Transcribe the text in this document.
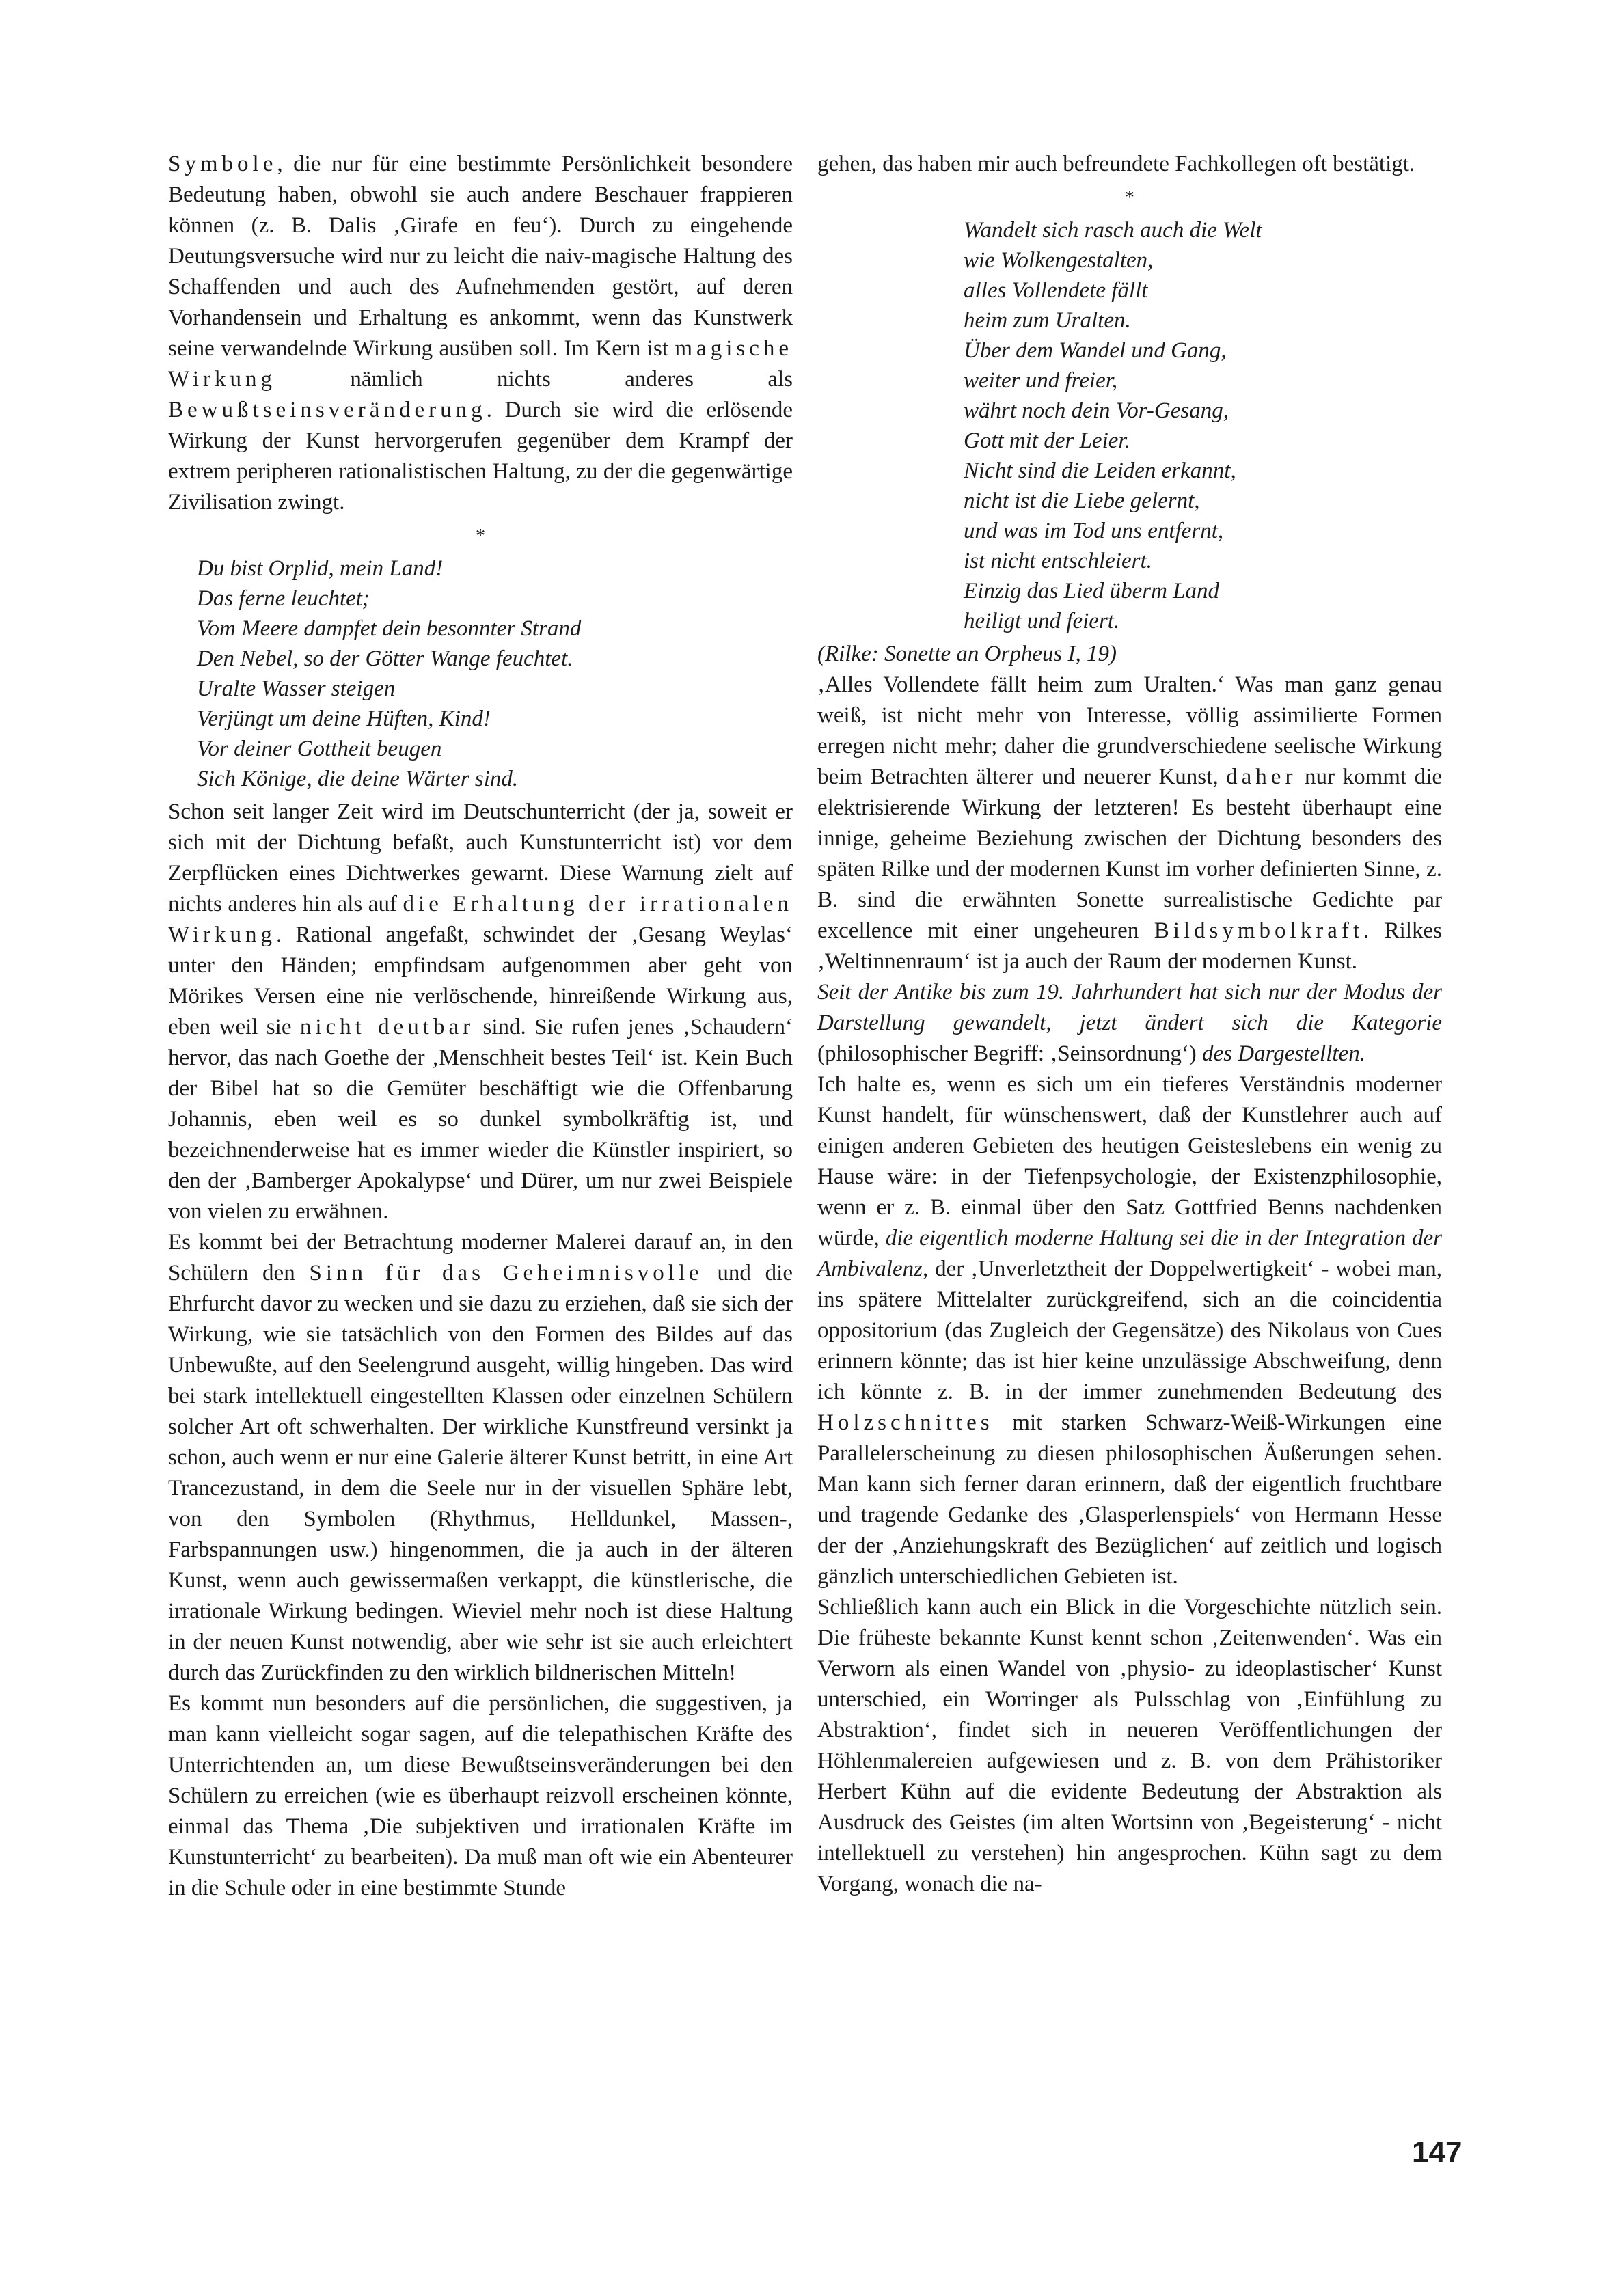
Symbole, die nur für eine bestimmte Persönlichkeit besondere Bedeutung haben, obwohl sie auch andere Beschauer frappieren können (z. B. Dalis ‚Girafe en feu‘). Durch zu eingehende Deutungsversuche wird nur zu leicht die naiv-magische Haltung des Schaffenden und auch des Aufnehmenden gestört, auf deren Vorhandensein und Erhaltung es ankommt, wenn das Kunstwerk seine verwandelnde Wirkung ausüben soll. Im Kern ist magische Wirkung nämlich nichts anderes als Bewußtseinsveränderung. Durch sie wird die erlösende Wirkung der Kunst hervorgerufen gegenüber dem Krampf der extrem peripheren rationalistischen Haltung, zu der die gegenwärtige Zivilisation zwingt.

*
Du bist Orplid, mein Land!
Das ferne leuchtet;
Vom Meere dampfet dein besonnter Strand
Den Nebel, so der Götter Wange feuchtet.
Uralte Wasser steigen
Verjüngt um deine Hüften, Kind!
Vor deiner Gottheit beugen
Sich Könige, die deine Wärter sind.

Schon seit langer Zeit wird im Deutschunterricht (der ja, soweit er sich mit der Dichtung befaßt, auch Kunstunterricht ist) vor dem Zerpflücken eines Dichtwerkes gewarnt. Diese Warnung zielt auf nichts anderes hin als auf die Erhaltung der irrationalen Wirkung. Rational angefaßt, schwindet der ‚Gesang Weylas‘ unter den Händen; empfindsam aufgenommen aber geht von Mörikes Versen eine nie verlöschende, hinreißende Wirkung aus, eben weil sie nicht deutbar sind. Sie rufen jenes ‚Schaudern‘ hervor, das nach Goethe der ‚Menschheit bestes Teil‘ ist. Kein Buch der Bibel hat so die Gemüter beschäftigt wie die Offenbarung Johannis, eben weil es so dunkel symbolkräftig ist, und bezeichnenderweise hat es immer wieder die Künstler inspiriert, so den der ‚Bamberger Apokalypse‘ und Dürer, um nur zwei Beispiele von vielen zu erwähnen.

Es kommt bei der Betrachtung moderner Malerei darauf an, in den Schülern den Sinn für das Geheimnisvolle und die Ehrfurcht davor zu wecken und sie dazu zu erziehen, daß sie sich der Wirkung, wie sie tatsächlich von den Formen des Bildes auf das Unbewußte, auf den Seelengrund ausgeht, willig hingeben. Das wird bei stark intellektuell eingestellten Klassen oder einzelnen Schülern solcher Art oft schwerhalten. Der wirkliche Kunstfreund versinkt ja schon, auch wenn er nur eine Galerie älterer Kunst betritt, in eine Art Trancezustand, in dem die Seele nur in der visuellen Sphäre lebt, von den Symbolen (Rhythmus, Helldunkel, Massen-, Farbspannungen usw.) hingenommen, die ja auch in der älteren Kunst, wenn auch gewissermaßen verkappt, die künstlerische, die irrationale Wirkung bedingen. Wieviel mehr noch ist diese Haltung in der neuen Kunst notwendig, aber wie sehr ist sie auch erleichtert durch das Zurückfinden zu den wirklich bildnerischen Mitteln!

Es kommt nun besonders auf die persönlichen, die suggestiven, ja man kann vielleicht sogar sagen, auf die telepathischen Kräfte des Unterrichtenden an, um diese Bewußtseinsveränderungen bei den Schülern zu erreichen (wie es überhaupt reizvoll erscheinen könnte, einmal das Thema ‚Die subjektiven und irrationalen Kräfte im Kunstunterricht‘ zu bearbeiten). Da muß man oft wie ein Abenteurer in die Schule oder in eine bestimmte Stunde

gehen, das haben mir auch befreundete Fachkollegen oft bestätigt.

*
Wandelt sich rasch auch die Welt
wie Wolkengestalten,
alles Vollendete fällt
heim zum Uralten.
Über dem Wandel und Gang,
weiter und freier,
währt noch dein Vor-Gesang,
Gott mit der Leier.
Nicht sind die Leiden erkannt,
nicht ist die Liebe gelernt,
und was im Tod uns entfernt,
ist nicht entschleiert.
Einzig das Lied überm Land
heiligt und feiert.

(Rilke: Sonette an Orpheus I, 19)

‚Alles Vollendete fällt heim zum Uralten.‘ Was man ganz genau weiß, ist nicht mehr von Interesse, völlig assimilierte Formen erregen nicht mehr; daher die grundverschiedene seelische Wirkung beim Betrachten älterer und neuerer Kunst, daher nur kommt die elektrisierende Wirkung der letzteren! Es besteht überhaupt eine innige, geheime Beziehung zwischen der Dichtung besonders des späten Rilke und der modernen Kunst im vorher definierten Sinne, z. B. sind die erwähnten Sonette surrealistische Gedichte par excellence mit einer ungeheuren Bildsymbolkraft. Rilkes ‚Weltinnenraum‘ ist ja auch der Raum der modernen Kunst.

Seit der Antike bis zum 19. Jahrhundert hat sich nur der Modus der Darstellung gewandelt, jetzt ändert sich die Kategorie (philosophischer Begriff: ‚Seinsordnung‘) des Dargestellten.

Ich halte es, wenn es sich um ein tieferes Verständnis moderner Kunst handelt, für wünschenswert, daß der Kunstlehrer auch auf einigen anderen Gebieten des heutigen Geisteslebens ein wenig zu Hause wäre: in der Tiefenpsychologie, der Existenzphilosophie, wenn er z. B. einmal über den Satz Gottfried Benns nachdenken würde, die eigentlich moderne Haltung sei die in der Integration der Ambivalenz, der ‚Unverletztheit der Doppelwertigkeit‘ - wobei man, ins spätere Mittelalter zurückgreifend, sich an die coincidentia oppositorium (das Zugleich der Gegensätze) des Nikolaus von Cues erinnern könnte; das ist hier keine unzulässige Abschweifung, denn ich könnte z. B. in der immer zunehmenden Bedeutung des Holzschnittes mit starken Schwarz-Weiß-Wirkungen eine Parallelerscheinung zu diesen philosophischen Äußerungen sehen. Man kann sich ferner daran erinnern, daß der eigentlich fruchtbare und tragende Gedanke des ‚Glasperlenspiels‘ von Hermann Hesse der der ‚Anziehungskraft des Bezüglichen‘ auf zeitlich und logisch gänzlich unterschiedlichen Gebieten ist.

Schließlich kann auch ein Blick in die Vorgeschichte nützlich sein. Die früheste bekannte Kunst kennt schon ‚Zeitenwenden‘. Was ein Verworn als einen Wandel von ‚physio- zu ideoplastischer‘ Kunst unterschied, ein Worringer als Pulsschlag von ‚Einfühlung zu Abstraktion‘, findet sich in neueren Veröffentlichungen der Höhlenmalereien aufgewiesen und z. B. von dem Prähistoriker Herbert Kühn auf die evidente Bedeutung der Abstraktion als Ausdruck des Geistes (im alten Wortsinn von ‚Begeisterung‘ - nicht intellektuell zu verstehen) hin angesprochen. Kühn sagt zu dem Vorgang, wonach die na-

147
